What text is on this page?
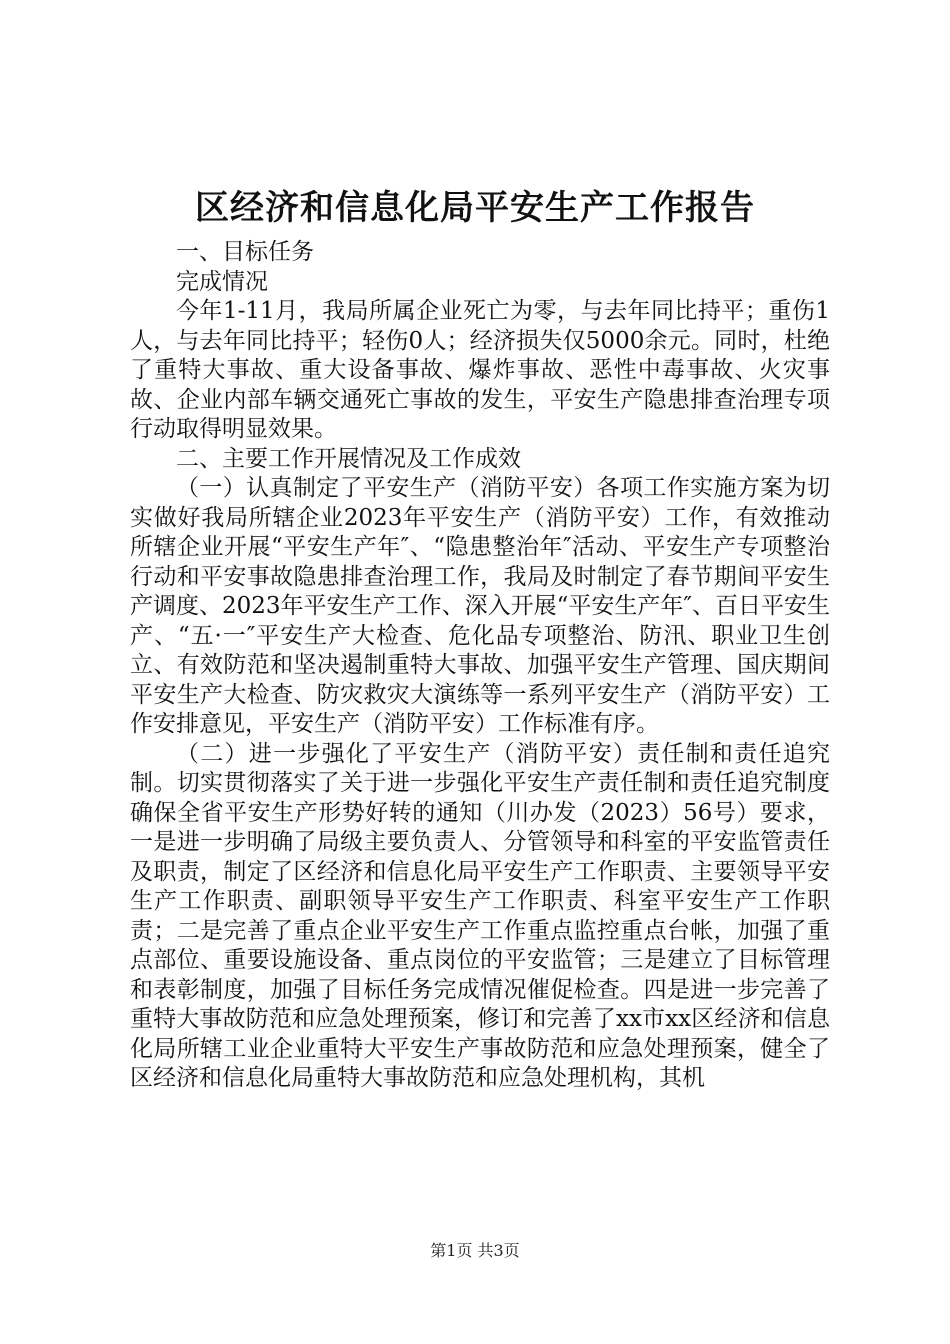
区经济和信息化局平安生产工作报告

一、目标任务

完成情况

今年1-11月，我局所属企业死亡为零，与去年同比持平；重伤1人，与去年同比持平；轻伤0人；经济损失仅5000余元。同时，杜绝了重特大事故、重大设备事故、爆炸事故、恶性中毒事故、火灾事故、企业内部车辆交通死亡事故的发生，平安生产隐患排查治理专项行动取得明显效果。

二、主要工作开展情况及工作成效

（一）认真制定了平安生产（消防平安）各项工作实施方案为切实做好我局所辖企业2023年平安生产（消防平安）工作，有效推动所辖企业开展“平安生产年″、“隐患整治年″活动、平安生产专项整治行动和平安事故隐患排查治理工作，我局及时制定了春节期间平安生产调度、2023年平安生产工作、深入开展“平安生产年″、百日平安生产、“五·一″平安生产大检查、危化品专项整治、防汛、职业卫生创立、有效防范和坚决遏制重特大事故、加强平安生产管理、国庆期间平安生产大检查、防灾救灾大演练等一系列平安生产（消防平安）工作安排意见，平安生产（消防平安）工作标准有序。

（二）进一步强化了平安生产（消防平安）责任制和责任追究制。切实贯彻落实了关于进一步强化平安生产责任制和责任追究制度确保全省平安生产形势好转的通知（川办发（2023）56号）要求，一是进一步明确了局级主要负责人、分管领导和科室的平安监管责任及职责，制定了区经济和信息化局平安生产工作职责、主要领导平安生产工作职责、副职领导平安生产工作职责、科室平安生产工作职责；二是完善了重点企业平安生产工作重点监控重点台帐，加强了重点部位、重要设施设备、重点岗位的平安监管；三是建立了目标管理和表彰制度，加强了目标任务完成情况催促检查。四是进一步完善了重特大事故防范和应急处理预案，修订和完善了xx市xx区经济和信息化局所辖工业企业重特大平安生产事故防范和应急处理预案，健全了区经济和信息化局重特大事故防范和应急处理机构，其机

第1页 共3页
